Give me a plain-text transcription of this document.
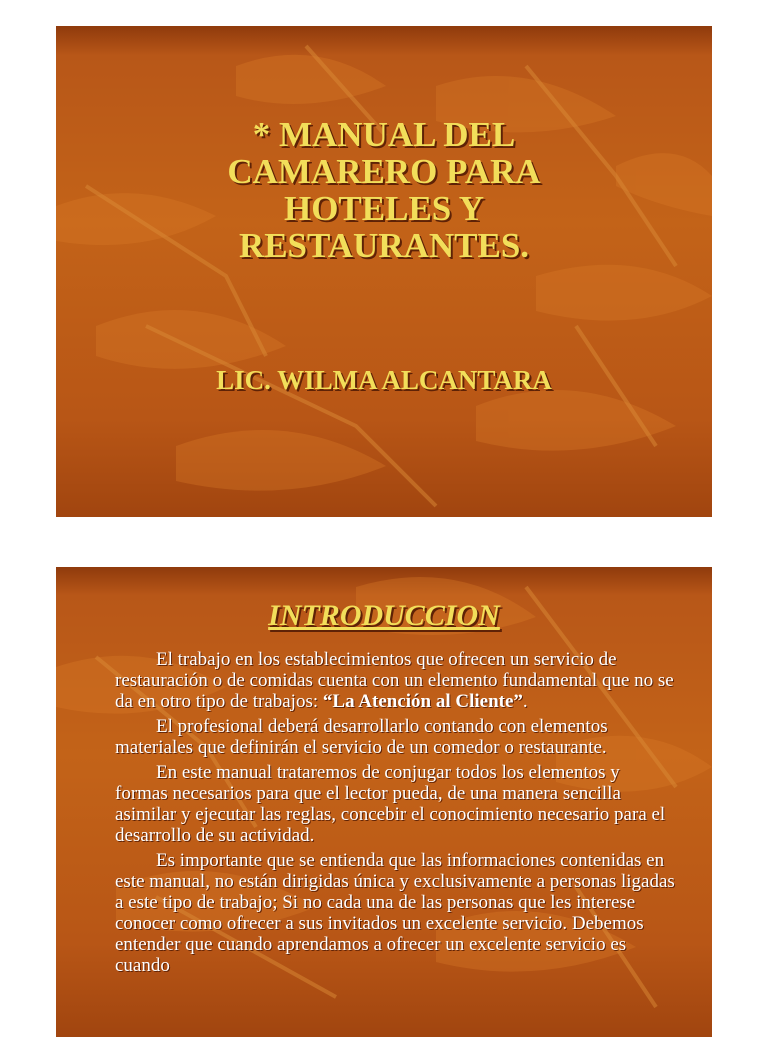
* MANUAL DEL
CAMARERO PARA
HOTELES Y
RESTAURANTES.
LIC. WILMA ALCANTARA
INTRODUCCION

El trabajo en los establecimientos que ofrecen un servicio de restauración o de comidas cuenta con un elemento fundamental que no se da en otro tipo de trabajos: “La Atención al Cliente”.

El profesional deberá desarrollarlo contando con elementos materiales que definirán el servicio de un comedor o restaurante.

En este manual trataremos de conjugar todos los elementos y formas necesarios para que el lector pueda, de una manera sencilla asimilar y ejecutar las reglas, concebir el conocimiento necesario para el desarrollo de su actividad.

Es importante que se entienda que las informaciones contenidas en este manual, no están dirigidas única y exclusivamente a personas ligadas a este tipo de trabajo; Si no cada una de las personas que les interese conocer como ofrecer a sus invitados un excelente servicio. Debemos entender que cuando aprendamos a ofrecer un excelente servicio es cuando
